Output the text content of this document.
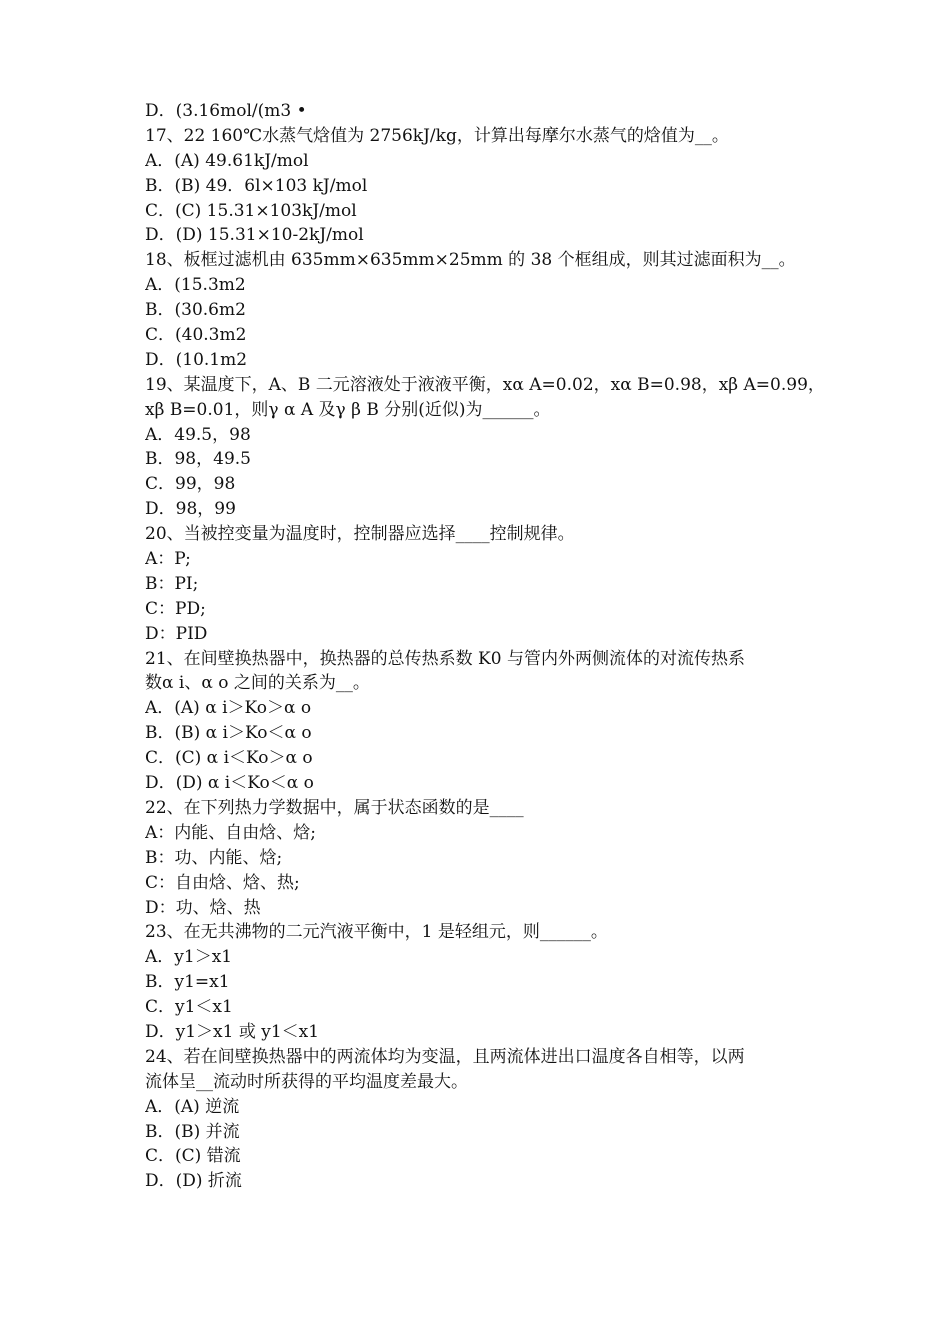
D．(3.16mol/(m3 •
17、22 160℃水蒸气焓值为 2756kJ/kg，计算出每摩尔水蒸气的焓值为__。
A．(A) 49.61kJ/mol
B．(B) 49．6l×103 kJ/mol
C．(C) 15.31×103kJ/mol
D．(D) 15.31×10-2kJ/mol
18、板框过滤机由 635mm×635mm×25mm 的 38 个框组成，则其过滤面积为__。
A．(15.3m2
B．(30.6m2
C．(40.3m2
D．(10.1m2
19、某温度下，A、B 二元溶液处于液液平衡，xα A=0.02，xα B=0.98，xβ A=0.99，
xβ B=0.01，则γ α A 及γ β B 分别(近似)为______。
A．49.5，98
B．98，49.5
C．99，98
D．98，99
20、当被控变量为温度时，控制器应选择____控制规律。
A：P;
B：PI;
C：PD;
D：PID
21、在间壁换热器中，换热器的总传热系数 K0 与管内外两侧流体的对流传热系
数α i、α o 之间的关系为__。
A．(A) α i＞Ko＞α o
B．(B) α i＞Ko＜α o
C．(C) α i＜Ko＞α o
D．(D) α i＜Ko＜α o
22、在下列热力学数据中，属于状态函数的是____
A：内能、自由焓、焓;
B：功、内能、焓;
C：自由焓、焓、热;
D：功、焓、热
23、在无共沸物的二元汽液平衡中，1 是轻组元，则______。
A．y1＞x1
B．y1=x1
C．y1＜x1
D．y1＞x1 或 y1＜x1
24、若在间壁换热器中的两流体均为变温，且两流体进出口温度各自相等，以两
流体呈__流动时所获得的平均温度差最大。
A．(A) 逆流
B．(B) 并流
C．(C) 错流
D．(D) 折流
